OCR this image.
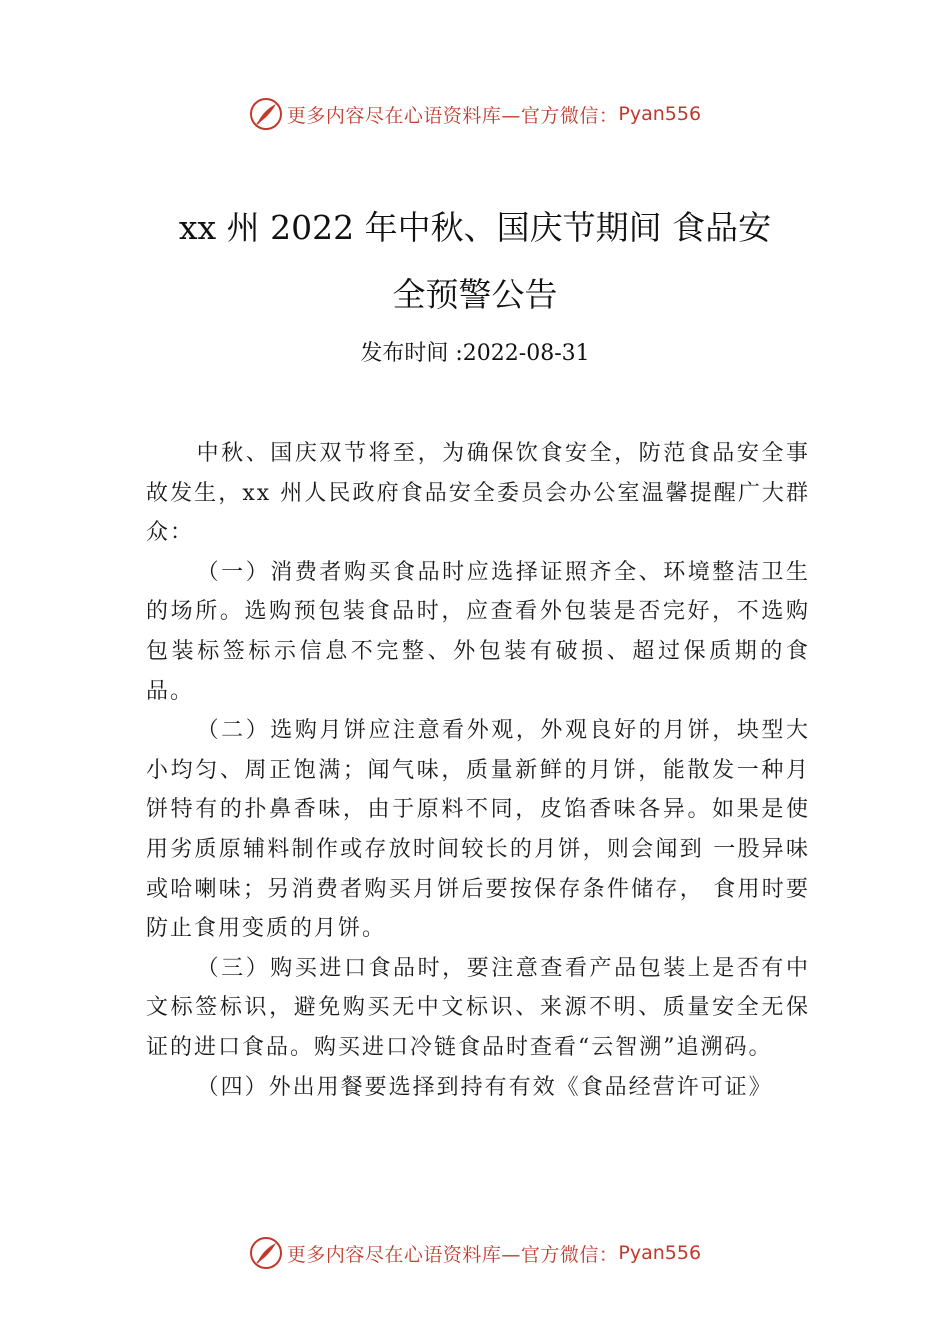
更多内容尽在心语资料库—官方微信： Pyan556
xx 州 2022 年中秋、国庆节期间 食品安
全预警公告
发布时间 :2022-08-31

中秋、国庆双节将至，为确保饮食安全，防范食品安全事故发生，xx 州人民政府食品安全委员会办公室温馨提醒广大群众：

（一）消费者购买食品时应选择证照齐全、环境整洁卫生的场所。选购预包装食品时，应查看外包装是否完好，不选购包装标签标示信息不完整、外包装有破损、超过保质期的食品。

（二）选购月饼应注意看外观，外观良好的月饼，块型大小均匀、周正饱满；闻气味，质量新鲜的月饼，能散发一种月饼特有的扑鼻香味，由于原料不同，皮馅香味各异。如果是使用劣质原辅料制作或存放时间较长的月饼，则会闻到 一股异味或哈喇味；另消费者购买月饼后要按保存条件储存， 食用时要防止食用变质的月饼。

（三）购买进口食品时，要注意查看产品包装上是否有中文标签标识，避免购买无中文标识、来源不明、质量安全无保证的进口食品。购买进口冷链食品时查看“云智溯”追溯码。

（四）外出用餐要选择到持有有效《食品经营许可证》

更多内容尽在心语资料库—官方微信： Pyan556
